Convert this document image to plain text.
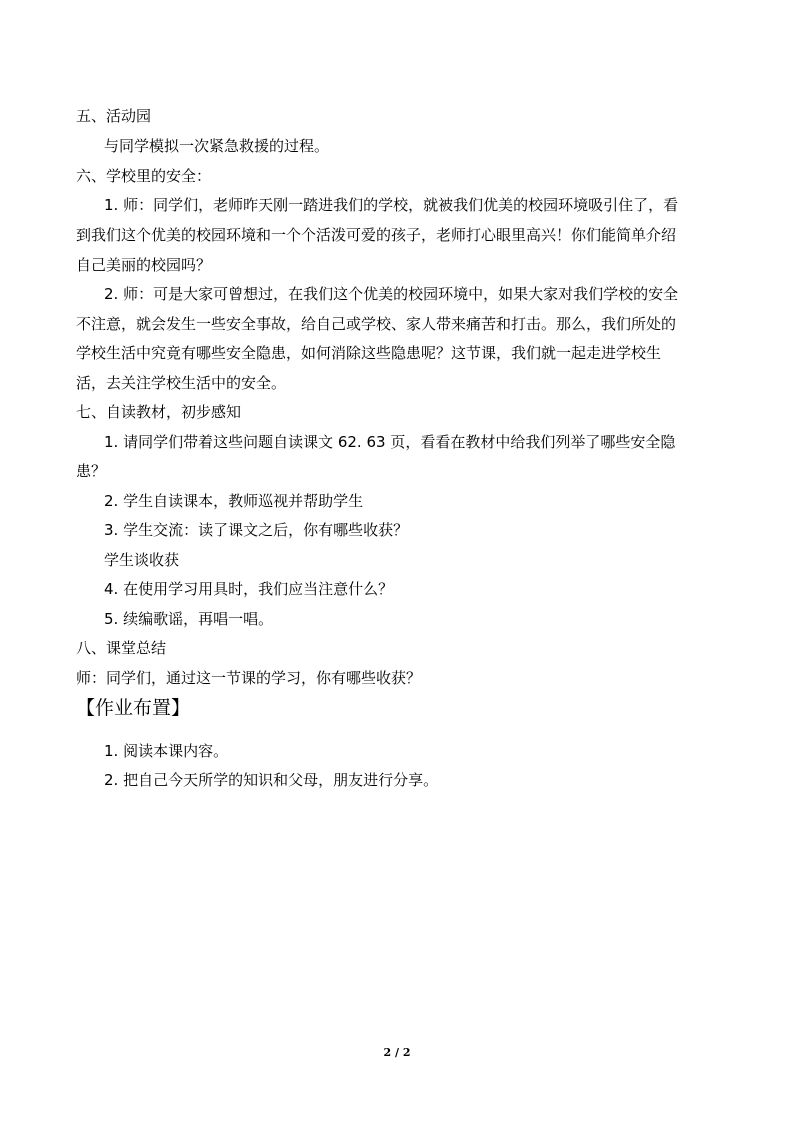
五、活动园
与同学模拟一次紧急救援的过程。
六、学校里的安全：
1. 师：同学们，老师昨天刚一踏进我们的学校，就被我们优美的校园环境吸引住了，看
到我们这个优美的校园环境和一个个活泼可爱的孩子，老师打心眼里高兴！你们能简单介绍
自己美丽的校园吗？
2. 师：可是大家可曾想过，在我们这个优美的校园环境中，如果大家对我们学校的安全
不注意，就会发生一些安全事故，给自己或学校、家人带来痛苦和打击。那么，我们所处的
学校生活中究竟有哪些安全隐患，如何消除这些隐患呢？这节课，我们就一起走进学校生
活，去关注学校生活中的安全。
七、自读教材，初步感知
1. 请同学们带着这些问题自读课文 62. 63 页，看看在教材中给我们列举了哪些安全隐
患？
2. 学生自读课本，教师巡视并帮助学生
3. 学生交流：读了课文之后，你有哪些收获？
学生谈收获
4. 在使用学习用具时，我们应当注意什么？
5. 续编歌谣，再唱一唱。
八、课堂总结
师：同学们，通过这一节课的学习，你有哪些收获？
【作业布置】
1. 阅读本课内容。
2. 把自己今天所学的知识和父母，朋友进行分享。
2 / 2
